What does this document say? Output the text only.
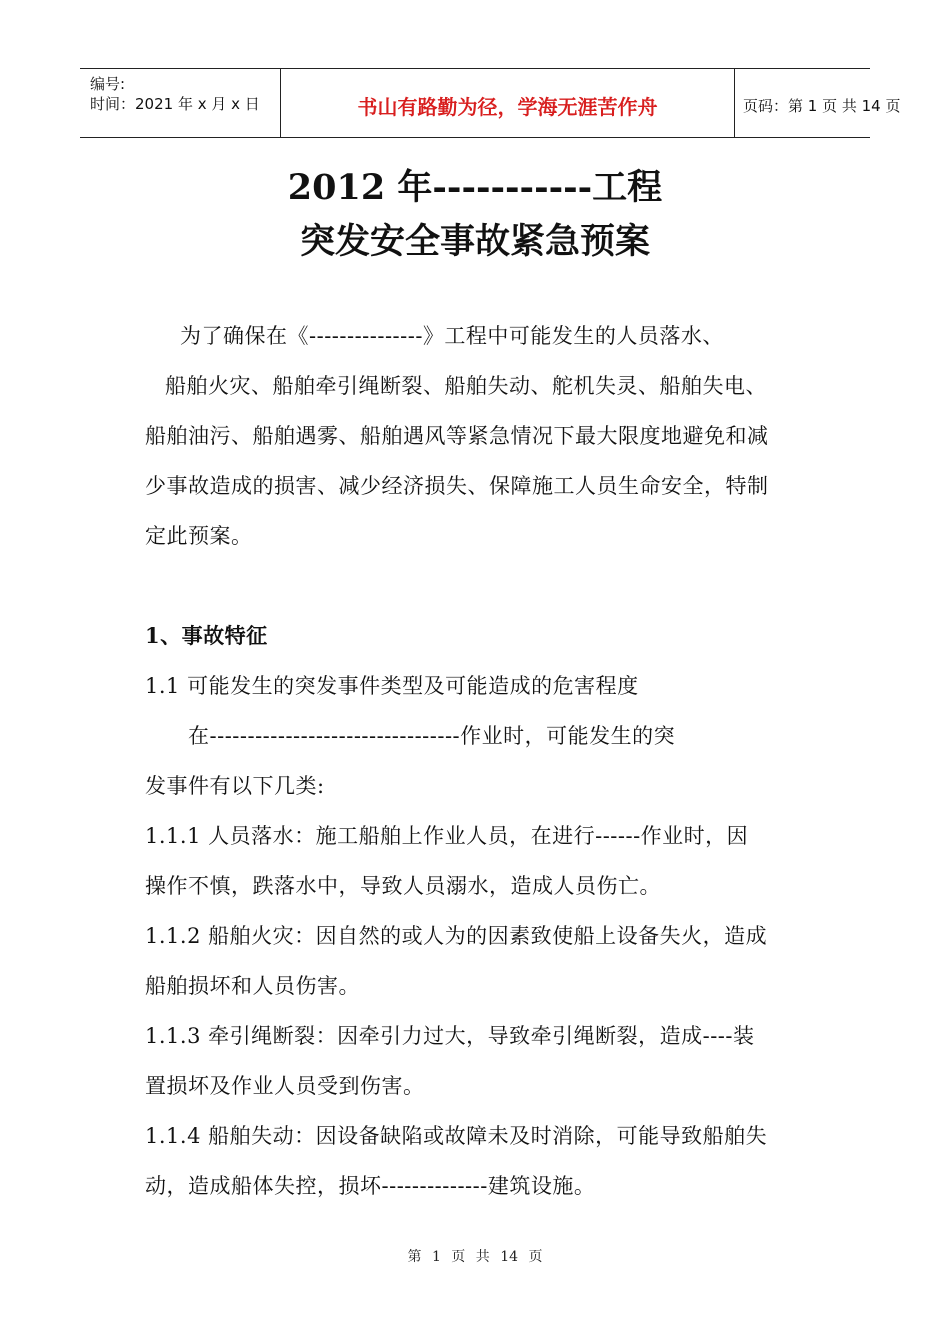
编号:
时间：2021 年 x 月 x 日	书山有路勤为径，学海无涯苦作舟	页码：第 1 页 共 14 页
2012 年-----------工程
突发安全事故紧急预案
为了确保在《---------------》工程中可能发生的人员落水、
船舶火灾、船舶牵引绳断裂、船舶失动、舵机失灵、船舶失电、
船舶油污、船舶遇雾、船舶遇风等紧急情况下最大限度地避免和减
少事故造成的损害、减少经济损失、保障施工人员生命安全，特制
定此预案。
1、事故特征
1.1 可能发生的突发事件类型及可能造成的危害程度
在---------------------------------作业时，可能发生的突
发事件有以下几类:
1.1.1 人员落水：施工船舶上作业人员，在进行------作业时，因
操作不慎，跌落水中，导致人员溺水，造成人员伤亡。
1.1.2 船舶火灾：因自然的或人为的因素致使船上设备失火，造成
船舶损坏和人员伤害。
1.1.3 牵引绳断裂：因牵引力过大，导致牵引绳断裂，造成----装
置损坏及作业人员受到伤害。
1.1.4 船舶失动：因设备缺陷或故障未及时消除，可能导致船舶失
动，造成船体失控，损坏--------------建筑设施。
第 1 页 共 14 页
